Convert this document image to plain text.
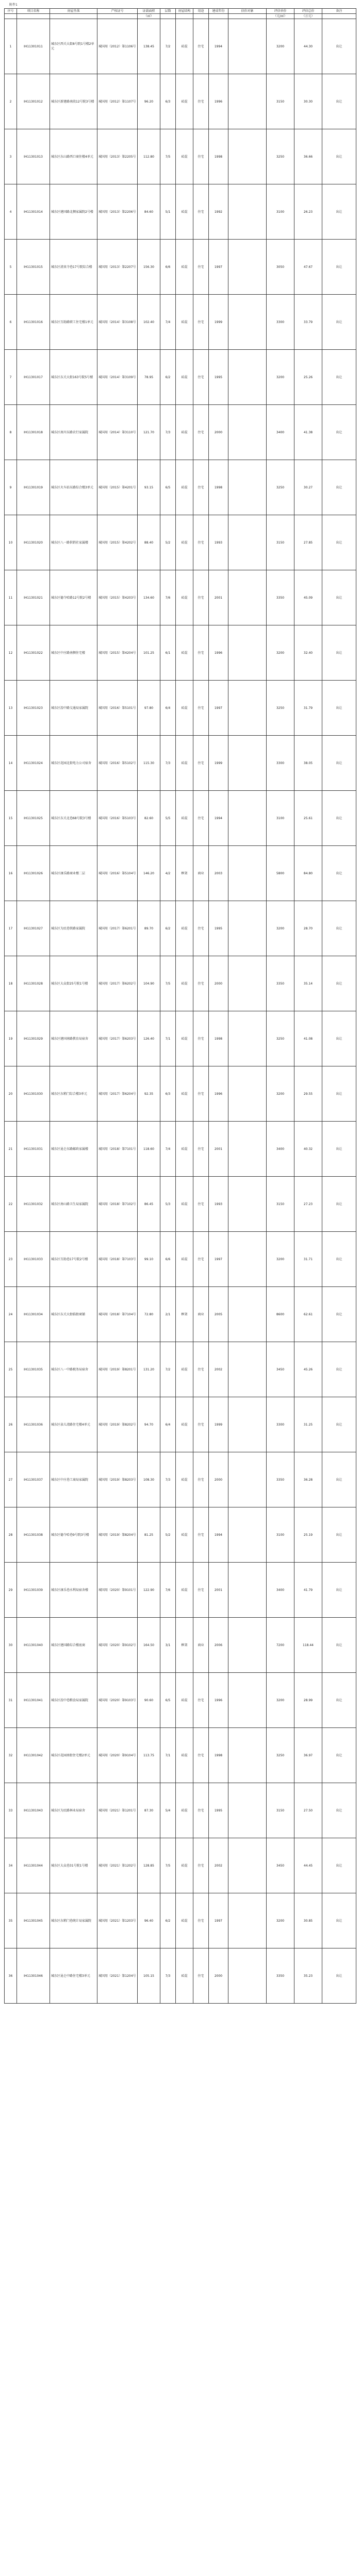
附件1
序号	项目名称	房屋坐落	产权证号	证载面积	层数	房屋结构	用途	建成年份	估价对象	评估单价	评估总价	备注
				（㎡）						（元/㎡）	（万元）	
1	IH11301011	城东区西关大街8号院1号楼2单元	城国用（2012）第1106号	138.45	7/2	砖混	住宅	1994		3200	44.30	出让
2	IH11301012	城东区新建路南段12号院3号楼	城国用（2012）第1107号	96.20	6/3	砖混	住宅	1996		3150	30.30	出让
3	IH11301013	城东区东山路西口商住楼4单元	城国用（2013）第2205号	112.80	7/5	砖混	住宅	1998		3250	36.66	出让
4	IH11301014	城东区建国路北侧家属院2号楼	城国用（2013）第2206号	84.60	5/1	砖混	住宅	1992		3100	26.23	出让
5	IH11301015	城东区清真寺巷17号院综合楼	城国用（2013）第2207号	156.30	6/6	砖混	住宅	1997		3050	47.67	出让
6	IH11301016	城东区互助路职工住宅楼1单元	城国用（2014）第3108号	102.40	7/4	砖混	住宅	1999		3300	33.79	出让
7	IH11301017	城东区东关大街163号院5号楼	城国用（2014）第3109号	78.95	6/2	砖混	住宅	1995		3200	25.26	出让
8	IH11301018	城东区南川东路农行家属院	城国用（2014）第3110号	121.70	7/3	砖混	住宅	2000		3400	41.38	出让
9	IH11301019	城东区火车站东路综合楼3单元	城国用（2015）第4201号	93.15	6/5	砖混	住宅	1998		3250	30.27	出让
10	IH11301020	城东区八一路供销社家属楼	城国用（2015）第4202号	88.40	5/2	砖混	住宅	1993		3150	27.85	出让
11	IH11301021	城东区德令哈路12号院2号楼	城国用（2015）第4203号	134.60	7/6	砖混	住宅	2001		3350	45.09	出让
12	IH11301022	城东区中庄路南侧住宅楼	城国用（2015）第4204号	101.25	6/1	砖混	住宅	1996		3200	32.40	出让
13	IH11301023	城东区湟中路交通局家属院	城国用（2016）第5101号	97.80	6/4	砖混	住宅	1997		3250	31.79	出让
14	IH11301024	城东区花园北街电力公司宿舍	城国用（2016）第5102号	115.30	7/3	砖混	住宅	1999		3300	38.05	出让
15	IH11301025	城东区东关北巷68号院3号楼	城国用（2016）第5103号	82.60	5/5	砖混	住宅	1994		3100	25.61	出让
16	IH11301026	城东区康乐路商业楼二层	城国用（2016）第5104号	146.20	4/2	框架	商业	2003		5800	84.80	出让
17	IH11301027	城东区为民巷铁路家属院	城国用（2017）第6201号	89.70	6/2	砖混	住宅	1995		3200	28.70	出让
18	IH11301028	城东区大众街25号院1号楼	城国用（2017）第6202号	104.90	7/5	砖混	住宅	2000		3350	35.14	出让
19	IH11301029	城东区建国南路教育局宿舍	城国用（2017）第6203号	126.40	7/1	砖混	住宅	1998		3250	41.08	出让
20	IH11301030	城东区东稍门综合楼3单元	城国用（2017）第6204号	92.35	6/3	砖混	住宅	1996		3200	29.55	出让
21	IH11301031	城东区昆仑东路邮政家属楼	城国用（2018）第7101号	118.60	7/4	砖混	住宅	2001		3400	40.32	出让
22	IH11301032	城东区南山路卫生局家属院	城国用（2018）第7102号	86.45	5/3	砖混	住宅	1993		3150	27.23	出让
23	IH11301033	城东区互助巷17号院2号楼	城国用（2018）第7103号	99.10	6/6	砖混	住宅	1997		3200	31.71	出让
24	IH11301034	城东区东关大街临街商铺	城国用（2018）第7104号	72.80	2/1	框架	商业	2005		8600	62.61	出让
25	IH11301035	城东区八一中路税务局宿舍	城国用（2019）第8201号	131.20	7/2	砖混	住宅	2002		3450	45.26	出让
26	IH11301036	城东区泉儿湾路住宅楼4单元	城国用（2019）第8202号	94.70	6/4	砖混	住宅	1999		3300	31.25	出让
27	IH11301037	城东区中庄巷工商局家属院	城国用（2019）第8203号	108.30	7/3	砖混	住宅	2000		3350	36.28	出让
28	IH11301038	城东区德令哈巷9号院3号楼	城国用（2019）第8204号	81.25	5/2	砖混	住宅	1994		3100	25.19	出让
29	IH11301039	城东区康乐巷水利局宿舍楼	城国用（2020）第9101号	122.90	7/6	砖混	住宅	2001		3400	41.79	出让
30	IH11301040	城东区建国路综合楼底商	城国用（2020）第9102号	164.50	3/1	框架	商业	2006		7200	118.44	出让
31	IH11301041	城东区湟中巷粮食局家属院	城国用（2020）第9103号	90.60	6/5	砖混	住宅	1996		3200	28.99	出让
32	IH11301042	城东区花园南街住宅楼2单元	城国用（2020）第9104号	113.75	7/1	砖混	住宅	1998		3250	36.97	出让
33	IH11301043	城东区为民路林业局宿舍	城国用（2021）第1201号	87.30	5/4	砖混	住宅	1995		3150	27.50	出让
34	IH11301044	城东区大众巷31号院1号楼	城国用（2021）第1202号	128.85	7/5	砖混	住宅	2002		3450	44.45	出让
35	IH11301045	城东区东稍门巷统计局家属院	城国用（2021）第1203号	96.40	6/2	砖混	住宅	1997		3200	30.85	出让
36	IH11301046	城东区昆仑中路住宅楼3单元	城国用（2021）第1204号	105.15	7/3	砖混	住宅	2000		3350	35.23	出让
